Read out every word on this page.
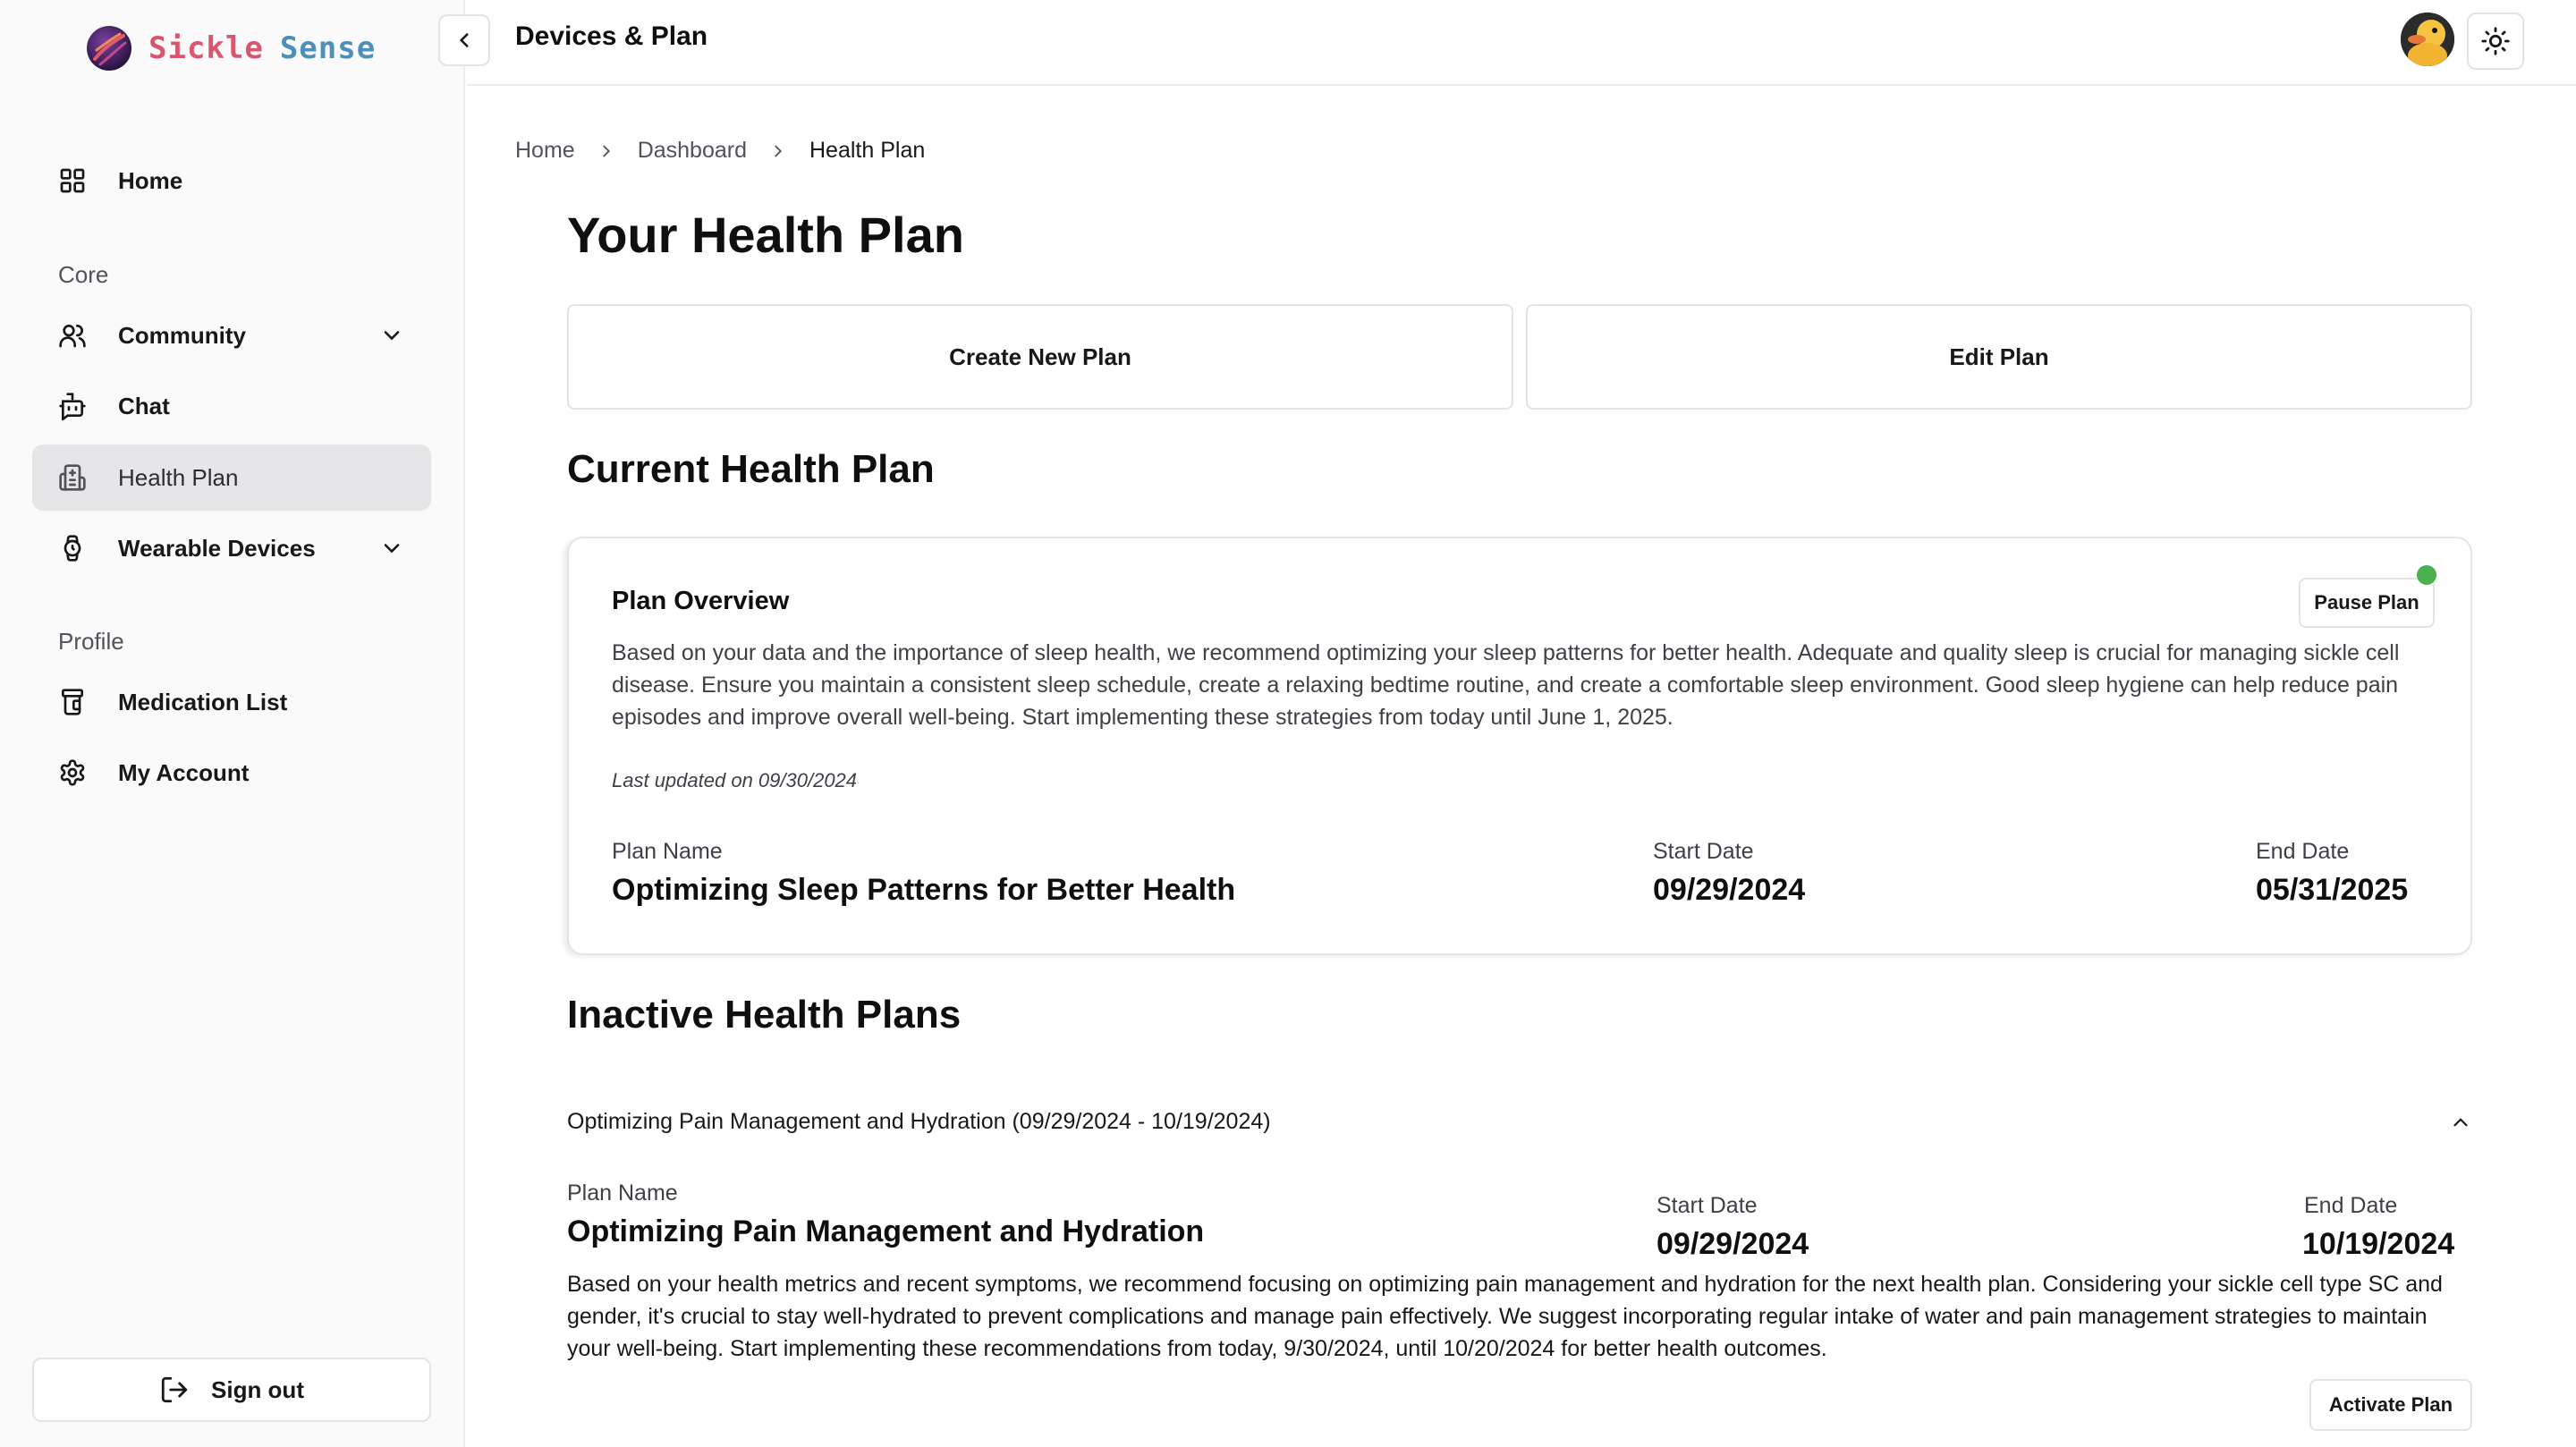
Sickle Sense
Home
Core
Community
Chat
Health Plan
Wearable Devices
Profile
Medication List
My Account
Sign out
Devices & Plan
Home	Dashboard	Health Plan
Your Health Plan
Create New Plan	Edit Plan
Current Health Plan
Plan Overview	Pause Plan

Based on your data and the importance of sleep health, we recommend optimizing your sleep patterns for better health. Adequate and quality sleep is crucial for managing sickle cell disease. Ensure you maintain a consistent sleep schedule, create a relaxing bedtime routine, and create a comfortable sleep environment. Good sleep hygiene can help reduce pain episodes and improve overall well-being. Start implementing these strategies from today until June 1, 2025.

Last updated on 09/30/2024
Plan Name
Optimizing Sleep Patterns for Better Health
Start Date
09/29/2024
End Date
05/31/2025
Inactive Health Plans
Optimizing Pain Management and Hydration (09/29/2024 - 10/19/2024)
Plan Name
Optimizing Pain Management and Hydration
Start Date
09/29/2024
End Date
10/19/2024

Based on your health metrics and recent symptoms, we recommend focusing on optimizing pain management and hydration for the next health plan. Considering your sickle cell type SC and gender, it's crucial to stay well-hydrated to prevent complications and manage pain effectively. We suggest incorporating regular intake of water and pain management strategies to maintain your well-being. Start implementing these recommendations from today, 9/30/2024, until 10/20/2024 for better health outcomes.

Activate Plan
